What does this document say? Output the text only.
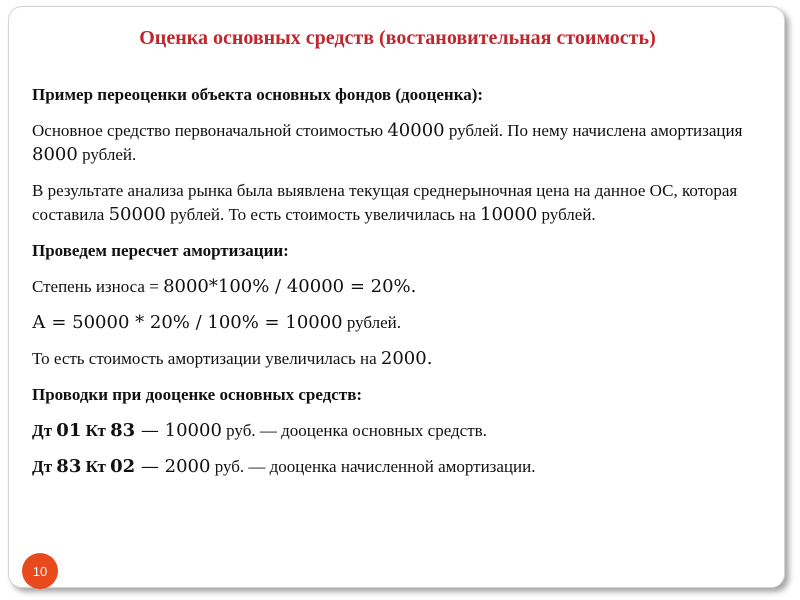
Оценка основных средств (востановительная стоимость)

Пример переоценки объекта основных фондов (дооценка):

Основное средство первоначальной стоимостью 40000 рублей. По нему начислена амортизация 8000 рублей.

В результате анализа рынка была выявлена текущая среднерыночная цена на данное ОС, которая составила 50000 рублей. То есть стоимость увеличилась на 10000 рублей.

Проведем пересчет амортизации:

Степень износа = 8000*100% / 40000 = 20%.

А = 50000 * 20% / 100% = 10000 рублей.

То есть стоимость амортизации увеличилась на 2000.

Проводки при дооценке основных средств:

Дт 01 Кт 83 — 10000 руб. — дооценка основных средств.

Дт 83 Кт 02 — 2000 руб. — дооценка начисленной амортизации.

10
